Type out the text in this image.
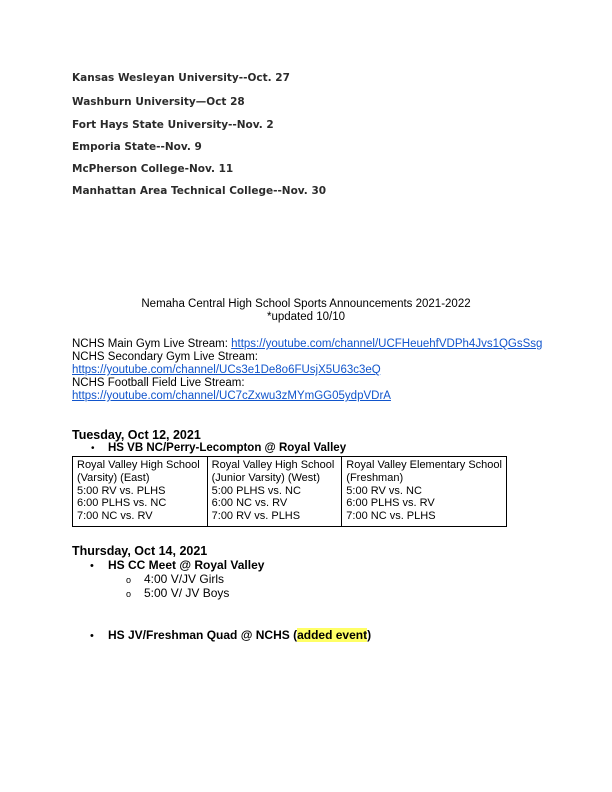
Kansas Wesleyan University--Oct. 27
Washburn University—Oct 28
Fort Hays State University--Nov. 2
Emporia State--Nov. 9
McPherson College-Nov. 11
Manhattan Area Technical College--Nov. 30
Nemaha Central High School Sports Announcements 2021-2022
*updated 10/10
NCHS Main Gym Live Stream: https://youtube.com/channel/UCFHeuehfVDPh4Jvs1QGsSsg
NCHS Secondary Gym Live Stream:
https://youtube.com/channel/UCs3e1De8o6FUsjX5U63c3eQ
NCHS Football Field Live Stream:
https://youtube.com/channel/UC7cZxwu3zMYmGG05ydpVDrA
Tuesday, Oct 12, 2021
• HS VB NC/Perry-Lecompton @ Royal Valley
Royal Valley High School
(Varsity) (East)
5:00 RV vs. PLHS
6:00 PLHS vs. NC
7:00 NC vs. RV

Royal Valley High School
(Junior Varsity) (West)
5:00 PLHS vs. NC
6:00 NC vs. RV
7:00 RV vs. PLHS

Royal Valley Elementary School
(Freshman)
5:00 RV vs. NC
6:00 PLHS vs. RV
7:00 NC vs. PLHS
Thursday, Oct 14, 2021
• HS CC Meet @ Royal Valley
o 4:00 V/JV Girls
o 5:00 V/ JV Boys
• HS JV/Freshman Quad @ NCHS (added event)
